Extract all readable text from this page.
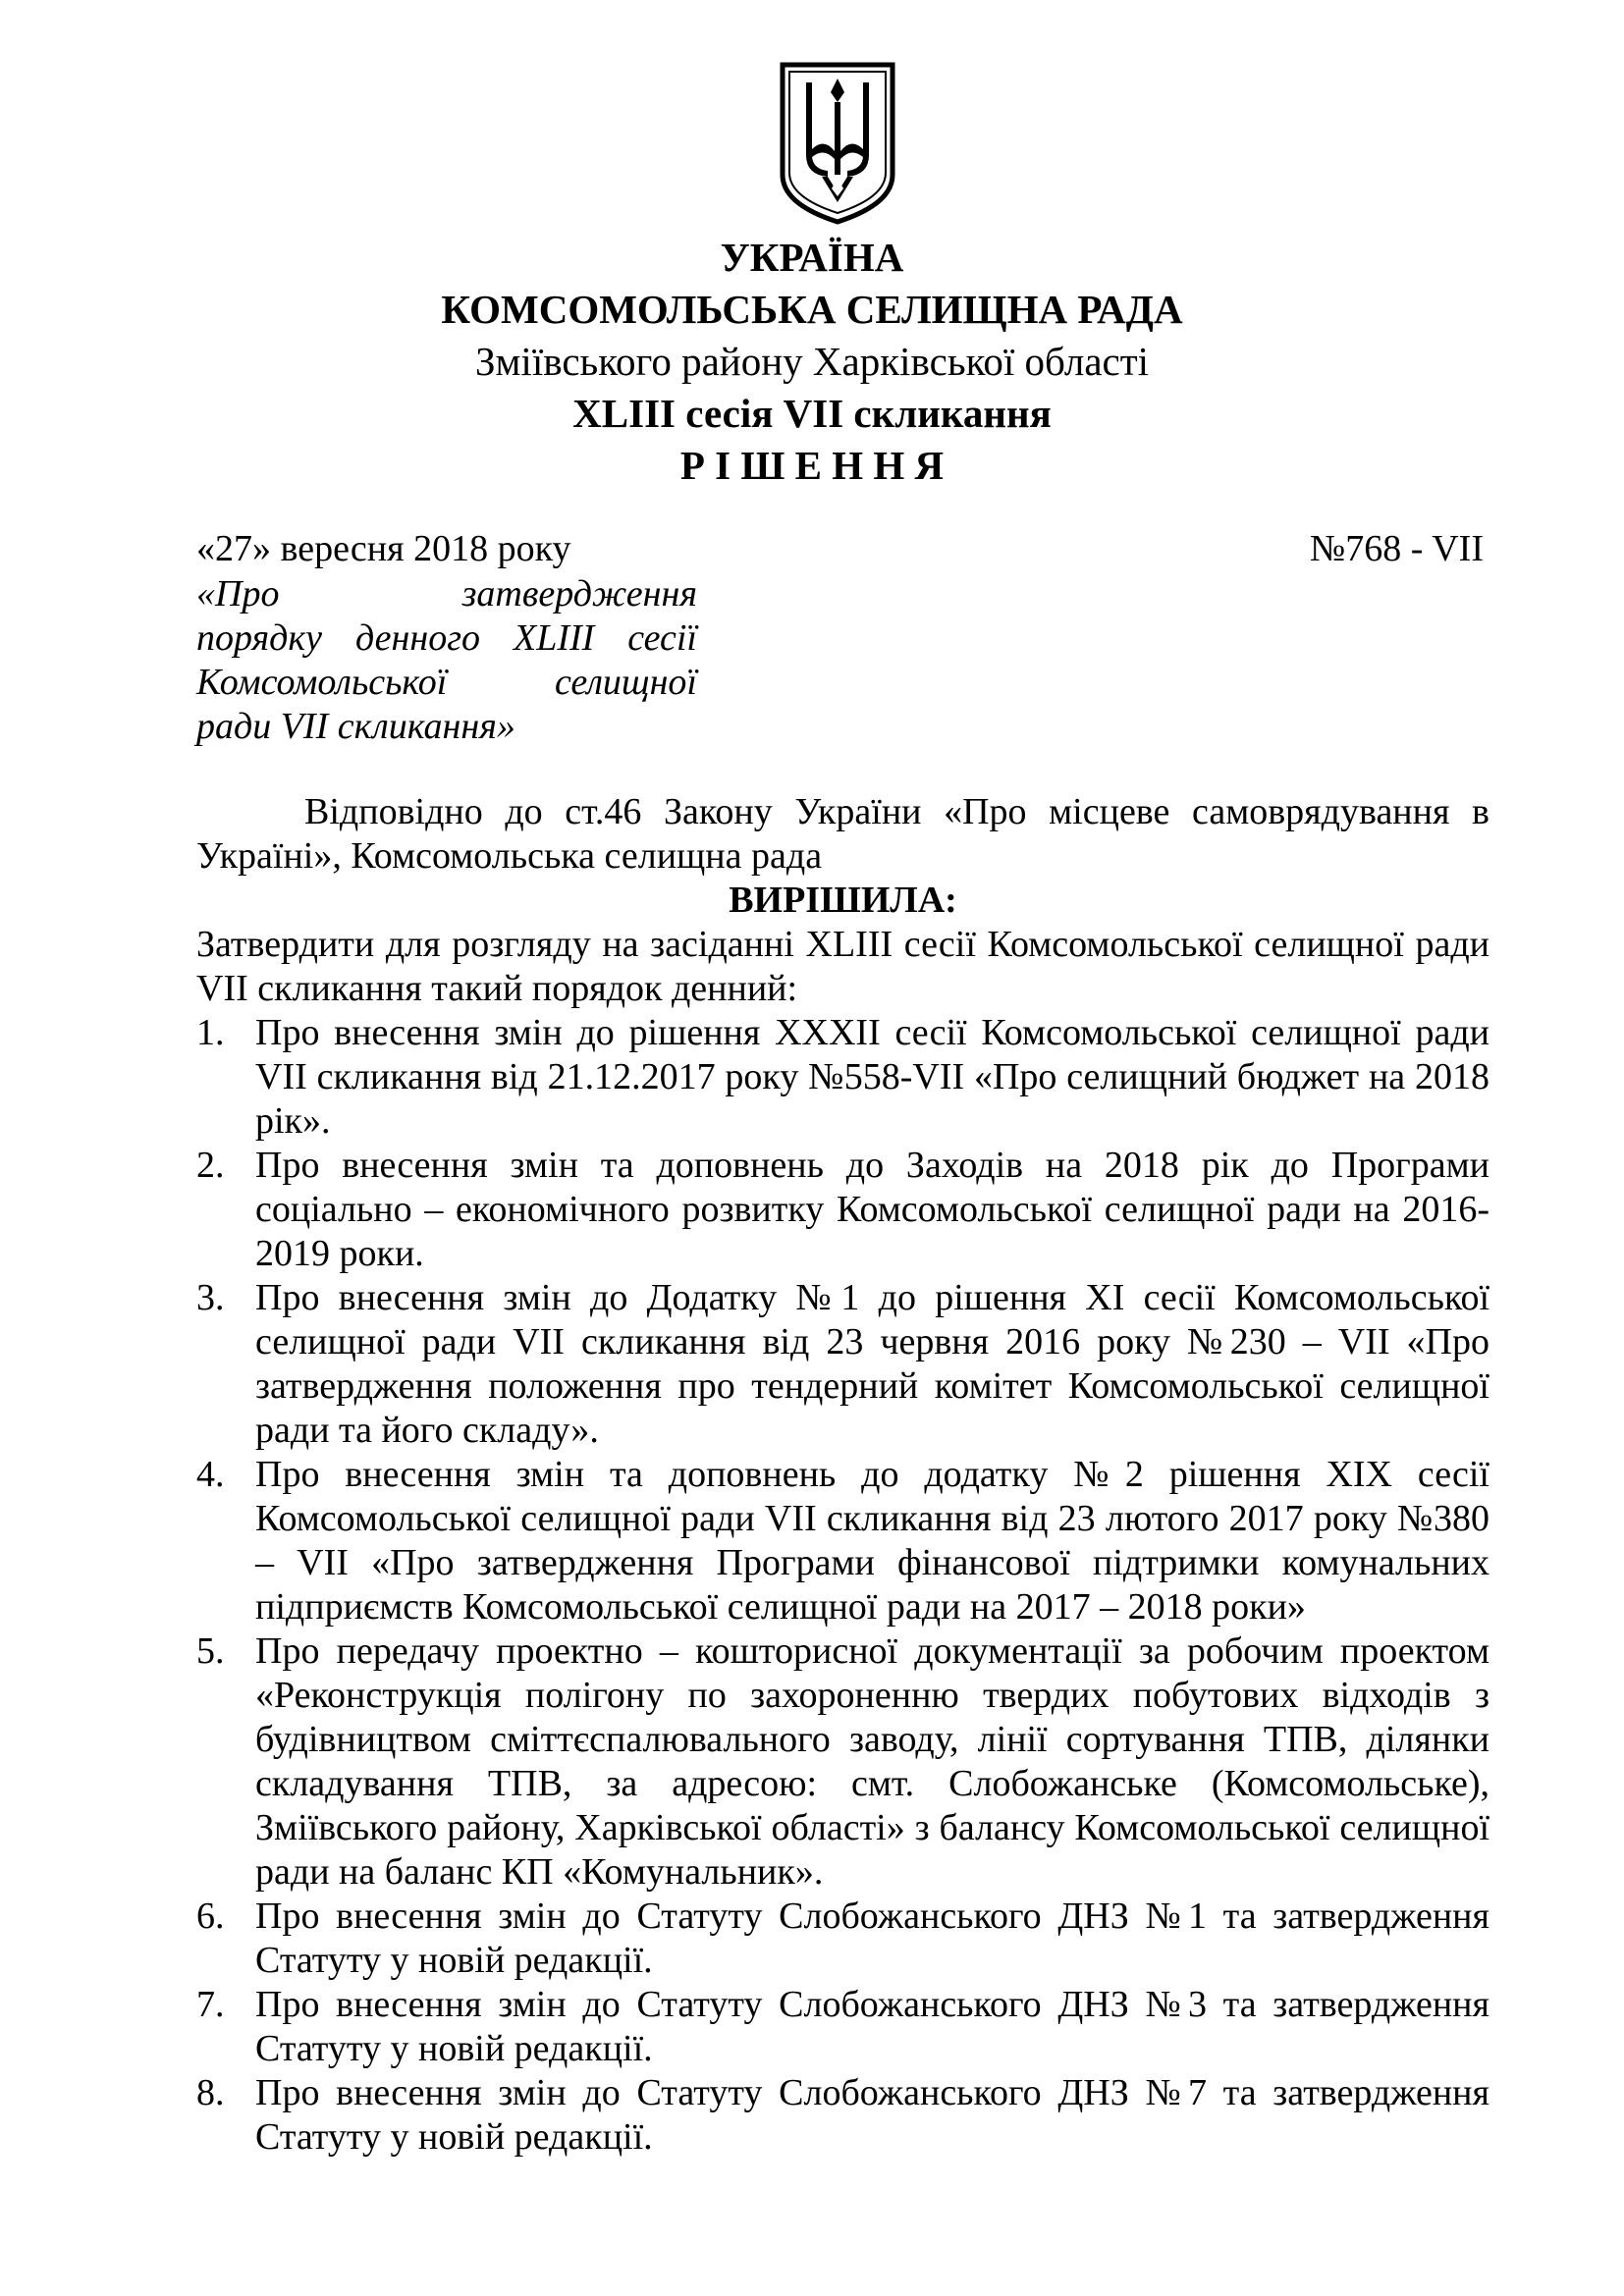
УКРАЇНА
КОМСОМОЛЬСЬКА СЕЛИЩНА РАДА
Зміївського району Харківської області
XLIII сесія VII скликання
Р І Ш Е Н Н Я
«27» вересня 2018 року	№768 - VII
«Про затвердження
порядку денного XLIII сесії
Комсомольської селищної
ради VII скликання»

Відповідно до ст.46 Закону України «Про місцеве самоврядування в Україні», Комсомольська селищна рада

ВИРІШИЛА:

Затвердити для розгляду на засіданні XLIII сесії Комсомольської селищної ради VII скликання такий порядок денний:

1. Про внесення змін до рішення XXXII сесії Комсомольської селищної ради VII скликання від 21.12.2017 року №558-VII «Про селищний бюджет на 2018 рік».
2. Про внесення змін та доповнень до Заходів на 2018 рік до Програми соціально – економічного розвитку Комсомольської селищної ради на 2016-2019 роки.
3. Про внесення змін до Додатку №1 до рішення XI сесії Комсомольської селищної ради VII скликання від 23 червня 2016 року №230 – VII «Про затвердження положення про тендерний комітет Комсомольської селищної ради та його складу».
4. Про внесення змін та доповнень до додатку №2 рішення XIX сесії Комсомольської селищної ради VII скликання від 23 лютого 2017 року №380 – VII «Про затвердження Програми фінансової підтримки комунальних підприємств Комсомольської селищної ради на 2017 – 2018 роки»
5. Про передачу проектно – кошторисної документації за робочим проектом «Реконструкція полігону по захороненню твердих побутових відходів з будівництвом сміттєспалювального заводу, лінії сортування ТПВ, ділянки складування ТПВ, за адресою: смт. Слобожанське (Комсомольське), Зміївського району, Харківської області» з балансу Комсомольської селищної ради на баланс КП «Комунальник».
6. Про внесення змін до Статуту Слобожанського ДНЗ №1 та затвердження Статуту у новій редакції.
7. Про внесення змін до Статуту Слобожанського ДНЗ №3 та затвердження Статуту у новій редакції.
8. Про внесення змін до Статуту Слобожанського ДНЗ №7 та затвердження Статуту у новій редакції.
